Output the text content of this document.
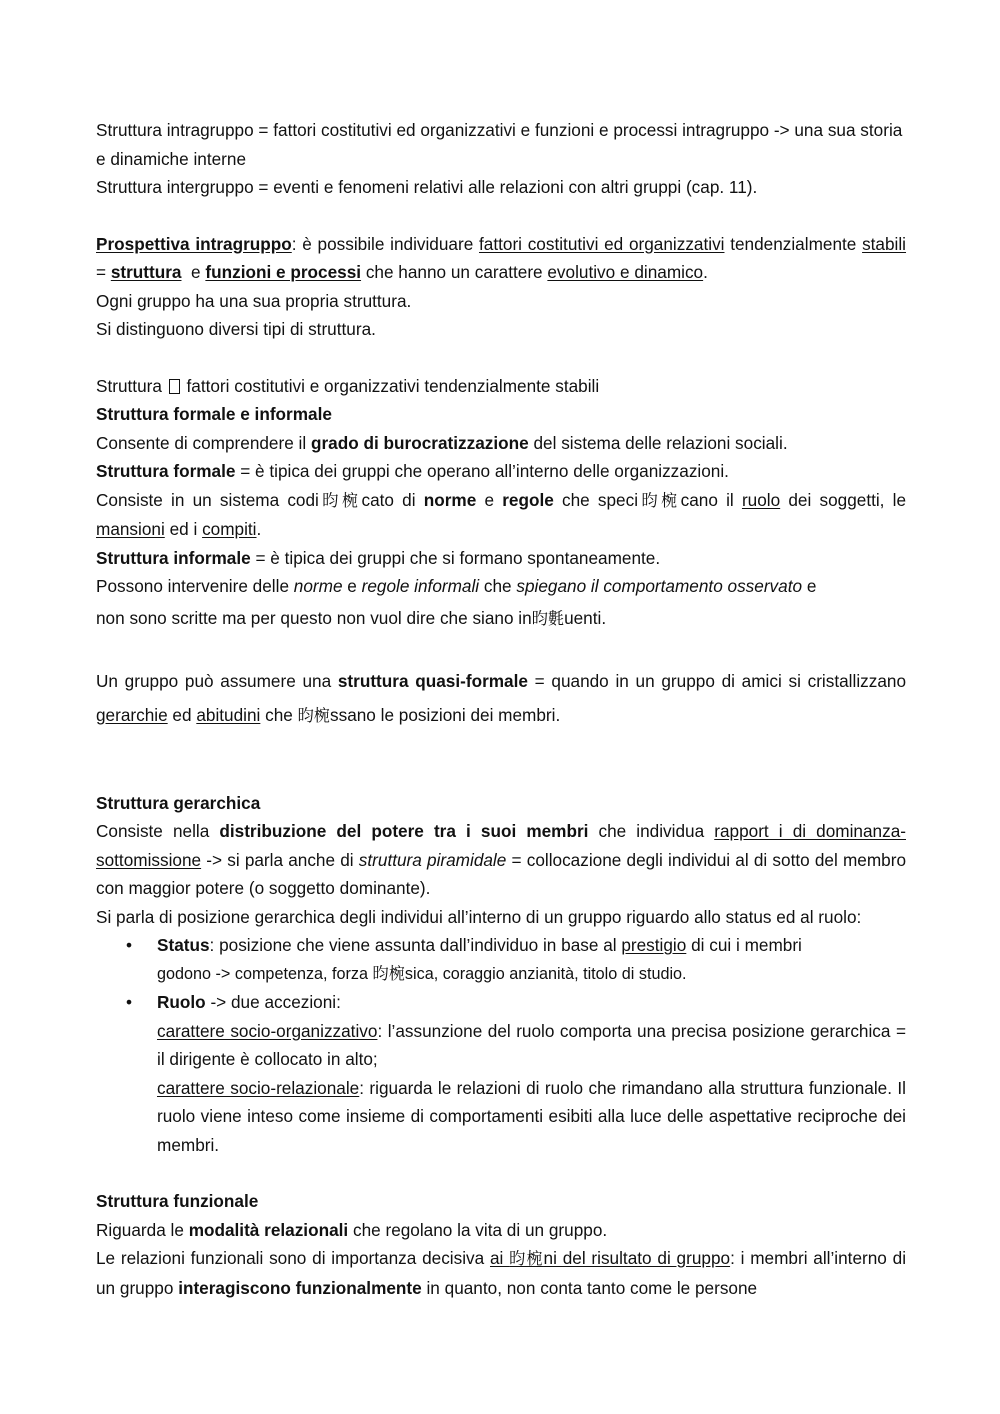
Struttura intragruppo = fattori costitutivi ed organizzativi e funzioni e processi intragruppo -> una sua storia e dinamiche interne
Struttura intergruppo = eventi e fenomeni relativi alle relazioni con altri gruppi (cap. 11).

Prospettiva intragruppo: è possibile individuare fattori costitutivi ed organizzativi tendenzialmente stabili = struttura  e funzioni e processi che hanno un carattere evolutivo e dinamico.

Ogni gruppo ha una sua propria struttura.

Si distinguono diversi tipi di struttura.

Struttura fattori costitutivi e organizzativi tendenzialmente stabili

Struttura formale e informale

Consente di comprendere il grado di burocratizzazione del sistema delle relazioni sociali.

Struttura formale = è tipica dei gruppi che operano all’interno delle organizzazioni.

Consiste in un sistema codi昀椀cato di norme e regole che speci昀椀cano il ruolo dei soggetti, le mansioni ed i compiti.

Struttura informale = è tipica dei gruppi che si formano spontaneamente.

Possono intervenire delle norme e regole informali che spiegano il comportamento osservato e

non sono scritte ma per questo non vuol dire che siano in昀氀uenti.

Un gruppo può assumere una struttura quasi-formale = quando in un gruppo di amici si cristallizzano gerarchie ed abitudini che 昀椀ssano le posizioni dei membri.

Struttura gerarchica

Consiste nella distribuzione del potere tra i suoi membri che individua rapport i di dominanza-sottomissione -> si parla anche di struttura piramidale = collocazione degli individui al di sotto del membro con maggior potere (o soggetto dominante).

Si parla di posizione gerarchica degli individui all’interno di un gruppo riguardo allo status ed al ruolo:

• Status: posizione che viene assunta dall’individuo in base al prestigio di cui i membri
godono -> competenza, forza 昀椀sica, coraggio anzianità, titolo di studio.
• Ruolo -> due accezioni:
carattere socio-organizzativo: l’assunzione del ruolo comporta una precisa posizione gerarchica = il dirigente è collocato in alto;
carattere socio-relazionale: riguarda le relazioni di ruolo che rimandano alla struttura funzionale. Il ruolo viene inteso come insieme di comportamenti esibiti alla luce delle aspettative reciproche dei membri.

Struttura funzionale

Riguarda le modalità relazionali che regolano la vita di un gruppo.

Le relazioni funzionali sono di importanza decisiva ai 昀椀ni del risultato di gruppo: i membri all’interno di un gruppo interagiscono funzionalmente in quanto, non conta tanto come le persone
